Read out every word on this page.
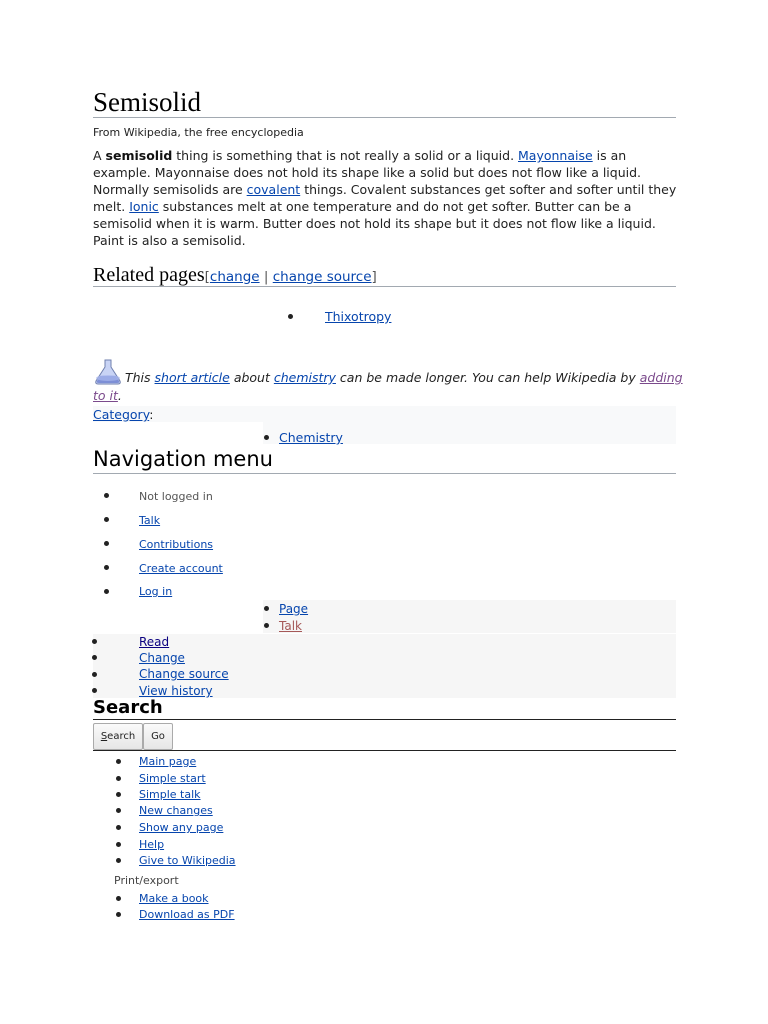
Semisolid
From Wikipedia, the free encyclopedia
A semisolid thing is something that is not really a solid or a liquid. Mayonnaise is an example. Mayonnaise does not hold its shape like a solid but does not flow like a liquid. Normally semisolids are covalent things. Covalent substances get softer and softer until they melt. Ionic substances melt at one temperature and do not get softer. Butter can be a semisolid when it is warm. Butter does not hold its shape but it does not flow like a liquid. Paint is also a semisolid.
Related pages[change | change source]
Thixotropy
This short article about chemistry can be made longer. You can help Wikipedia by adding to it.
Category:
Chemistry
Navigation menu
Not logged in
Talk
Contributions
Create account
Log in
Page
Talk
Read
Change
Change source
View history
Search
Search	Go
Main page
Simple start
Simple talk
New changes
Show any page
Help
Give to Wikipedia
Print/export
Make a book
Download as PDF
